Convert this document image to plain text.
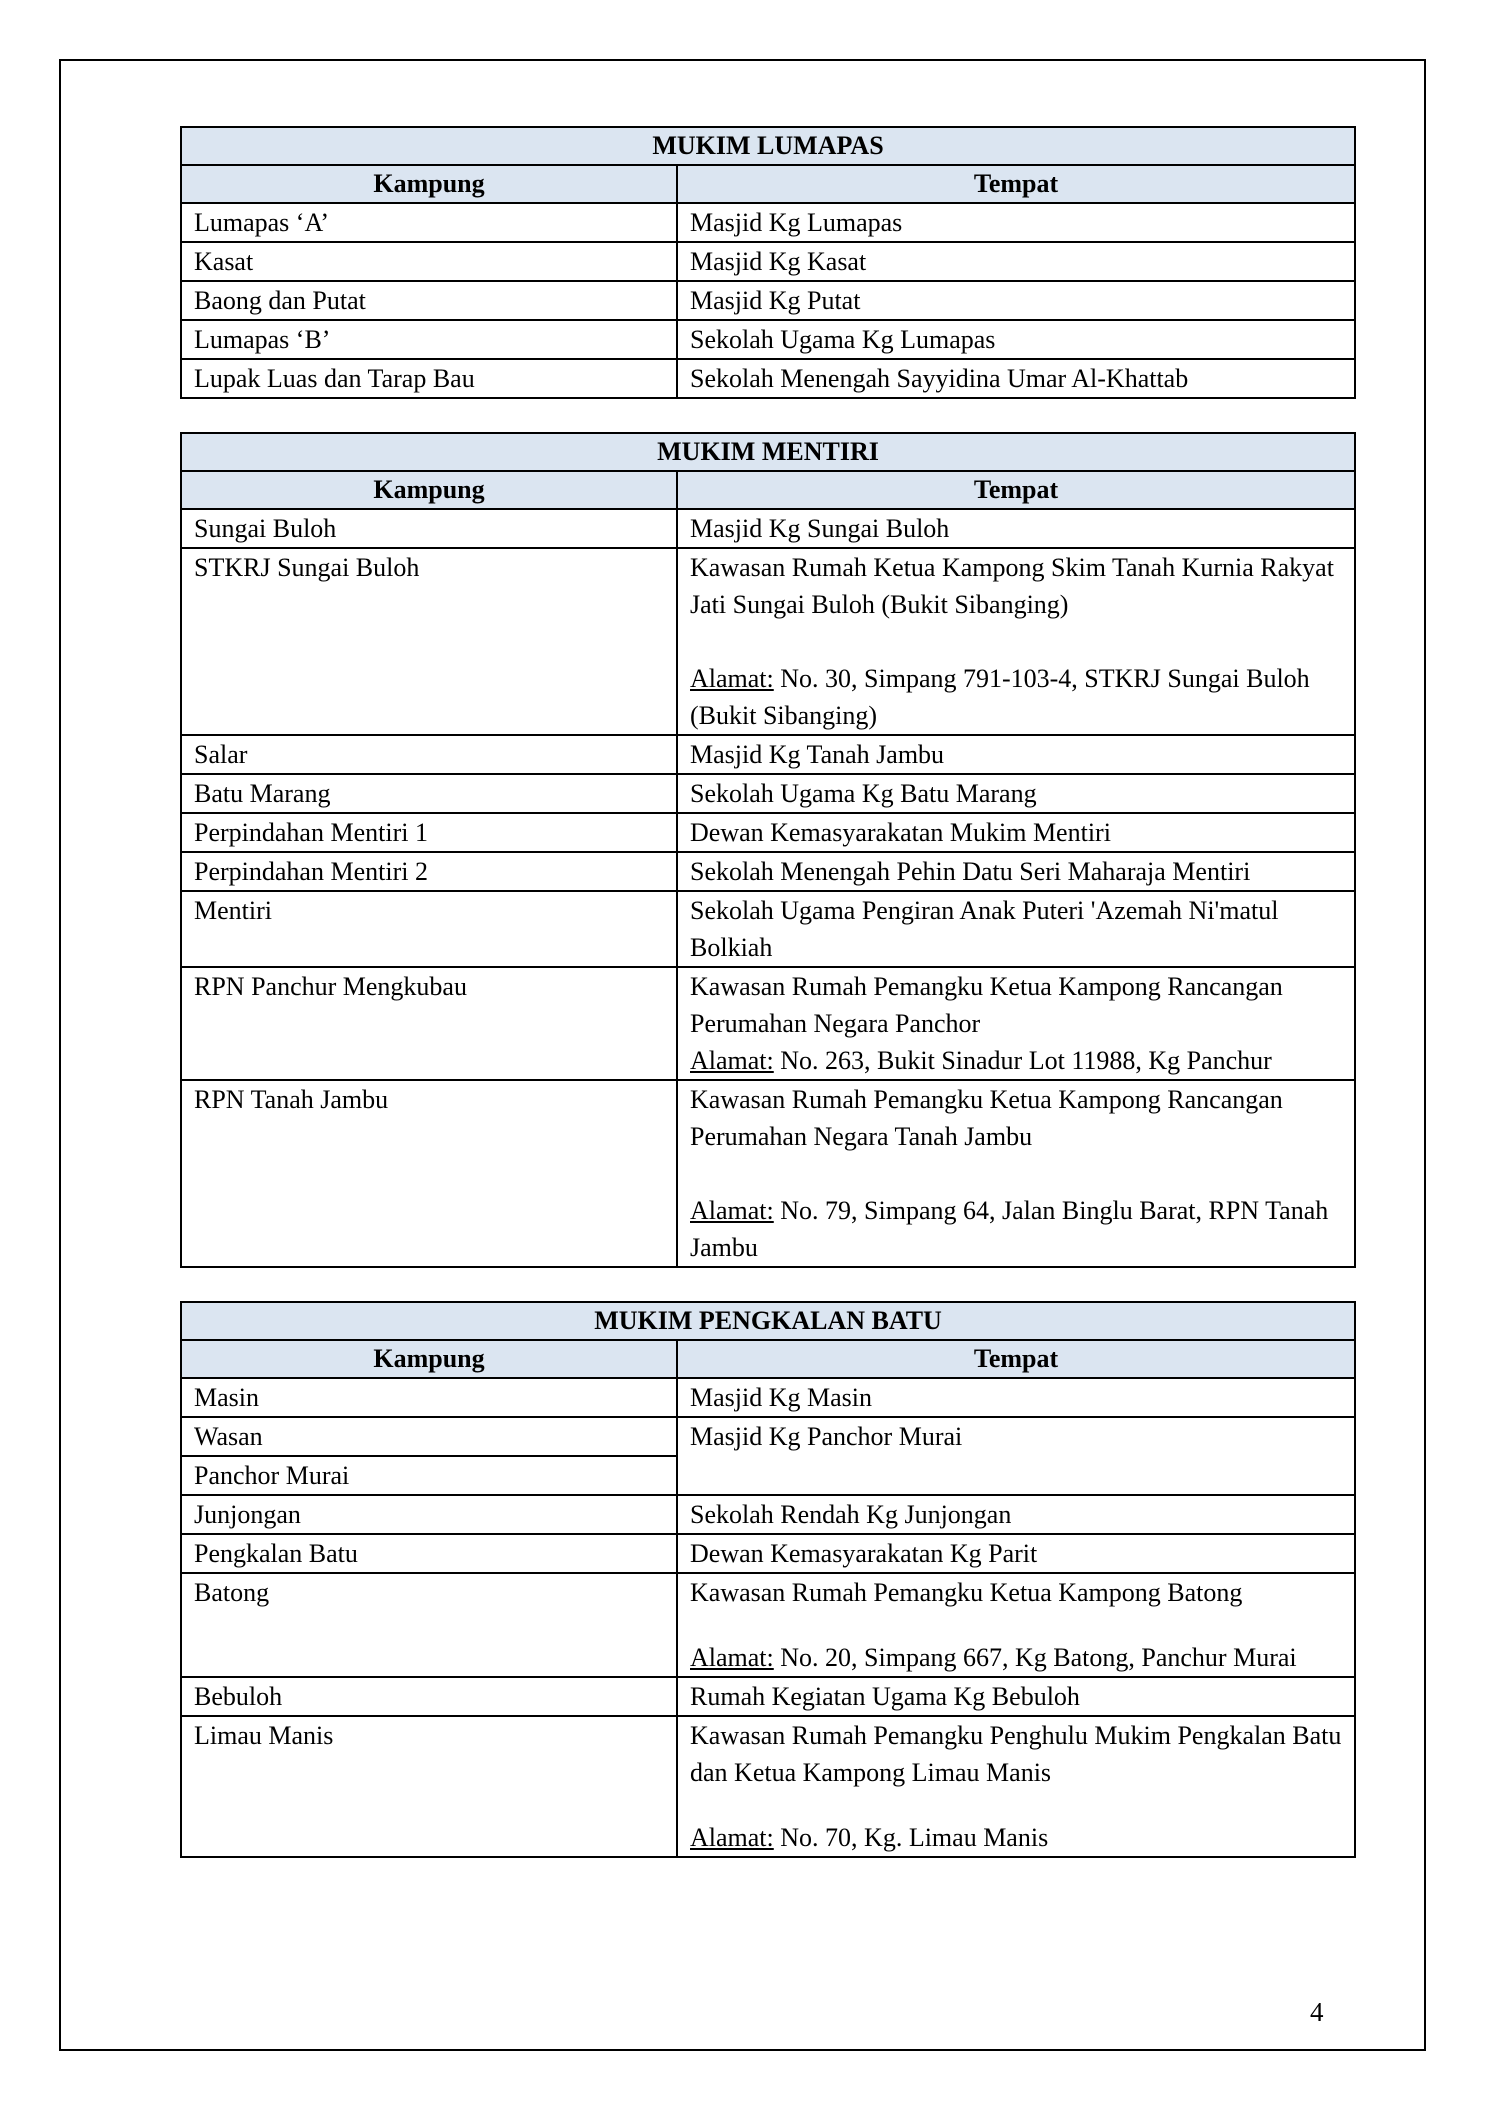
MUKIM LUMAPAS	
Kampung	Tempat
Lumapas ‘A’	Masjid Kg Lumapas
Kasat	Masjid Kg Kasat
Baong dan Putat	Masjid Kg Putat
Lumapas ‘B’	Sekolah Ugama Kg Lumapas
Lupak Luas dan Tarap Bau	Sekolah Menengah Sayyidina Umar Al-Khattab
MUKIM MENTIRI	
Kampung	Tempat
Sungai Buloh	Masjid Kg Sungai Buloh
STKRJ Sungai Buloh	Kawasan Rumah Ketua Kampong Skim Tanah Kurnia Rakyat Jati Sungai Buloh (Bukit Sibanging)
Alamat: No. 30, Simpang 791-103-4, STKRJ Sungai Buloh (Bukit Sibanging)

Salar	Masjid Kg Tanah Jambu
Batu Marang	Sekolah Ugama Kg Batu Marang
Perpindahan Mentiri 1	Dewan Kemasyarakatan Mukim Mentiri
Perpindahan Mentiri 2	Sekolah Menengah Pehin Datu Seri Maharaja Mentiri
Mentiri	Sekolah Ugama Pengiran Anak Puteri 'Azemah Ni'matul Bolkiah
RPN Panchur Mengkubau	Kawasan Rumah Pemangku Ketua Kampong Rancangan Perumahan Negara Panchor
Alamat: No. 263, Bukit Sinadur Lot 11988, Kg Panchur

RPN Tanah Jambu	Kawasan Rumah Pemangku Ketua Kampong Rancangan Perumahan Negara Tanah Jambu
Alamat: No. 79, Simpang 64, Jalan Binglu Barat, RPN Tanah Jambu
MUKIM PENGKALAN BATU	
Kampung	Tempat
Masin	Masjid Kg Masin
Wasan	Masjid Kg Panchor Murai
Panchor Murai	
Junjongan	Sekolah Rendah Kg Junjongan
Pengkalan Batu	Dewan Kemasyarakatan Kg Parit
Batong	Kawasan Rumah Pemangku Ketua Kampong Batong
Alamat: No. 20, Simpang 667, Kg Batong, Panchur Murai

Bebuloh	Rumah Kegiatan Ugama Kg Bebuloh
Limau Manis	Kawasan Rumah Pemangku Penghulu Mukim Pengkalan Batu dan Ketua Kampong Limau Manis
Alamat: No. 70, Kg. Limau Manis
4
